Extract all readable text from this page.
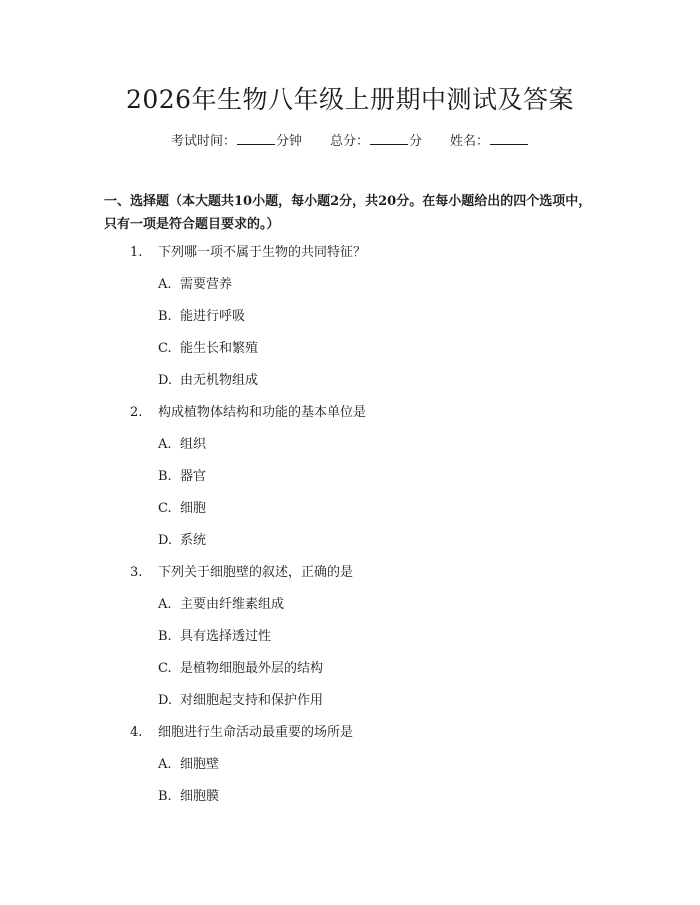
2026年生物八年级上册期中测试及答案
考试时间：	分钟 总分：	分 姓名：
一、选择题（本大题共10小题，每小题2分，共20分。在每小题给出的四个选项中，只有一项是符合题目要求的。）
1. 下列哪一项不属于生物的共同特征？
A. 需要营养
B. 能进行呼吸
C. 能生长和繁殖
D. 由无机物组成
2. 构成植物体结构和功能的基本单位是
A. 组织
B. 器官
C. 细胞
D. 系统
3. 下列关于细胞壁的叙述，正确的是
A. 主要由纤维素组成
B. 具有选择透过性
C. 是植物细胞最外层的结构
D. 对细胞起支持和保护作用
4. 细胞进行生命活动最重要的场所是
A. 细胞壁
B. 细胞膜
